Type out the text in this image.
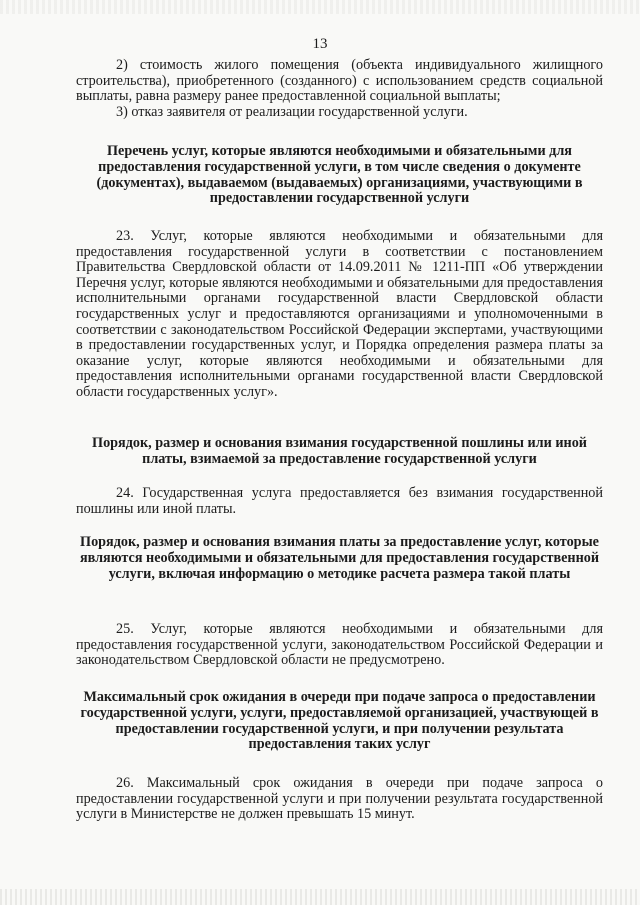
13

2) стоимость жилого помещения (объекта индивидуального жилищного строительства), приобретенного (созданного) с использованием средств социальной выплаты, равна размеру ранее предоставленной социальной выплаты;

3) отказ заявителя от реализации государственной услуги.

Перечень услуг, которые являются необходимыми и обязательными для предоставления государственной услуги, в том числе сведения о документе (документах), выдаваемом (выдаваемых) организациями, участвующими в предоставлении государственной услуги

23. Услуг, которые являются необходимыми и обязательными для предоставления государственной услуги в соответствии с постановлением Правительства Свердловской области от 14.09.2011 № 1211-ПП «Об утверждении Перечня услуг, которые являются необходимыми и обязательными для предоставления исполнительными органами государственной власти Свердловской области государственных услуг и предоставляются организациями и уполномоченными в соответствии с законодательством Российской Федерации экспертами, участвующими в предоставлении государственных услуг, и Порядка определения размера платы за оказание услуг, которые являются необходимыми и обязательными для предоставления исполнительными органами государственной власти Свердловской области государственных услуг».

Порядок, размер и основания взимания государственной пошлины или иной платы, взимаемой за предоставление государственной услуги

24. Государственная услуга предоставляется без взимания государственной пошлины или иной платы.

Порядок, размер и основания взимания платы за предоставление услуг, которые являются необходимыми и обязательными для предоставления государственной услуги, включая информацию о методике расчета размера такой платы

25. Услуг, которые являются необходимыми и обязательными для предоставления государственной услуги, законодательством Российской Федерации и законодательством Свердловской области не предусмотрено.

Максимальный срок ожидания в очереди при подаче запроса о предоставлении государственной услуги, услуги, предоставляемой организацией, участвующей в предоставлении государственной услуги, и при получении результата предоставления таких услуг

26. Максимальный срок ожидания в очереди при подаче запроса о предоставлении государственной услуги и при получении результата государственной услуги в Министерстве не должен превышать 15 минут.
